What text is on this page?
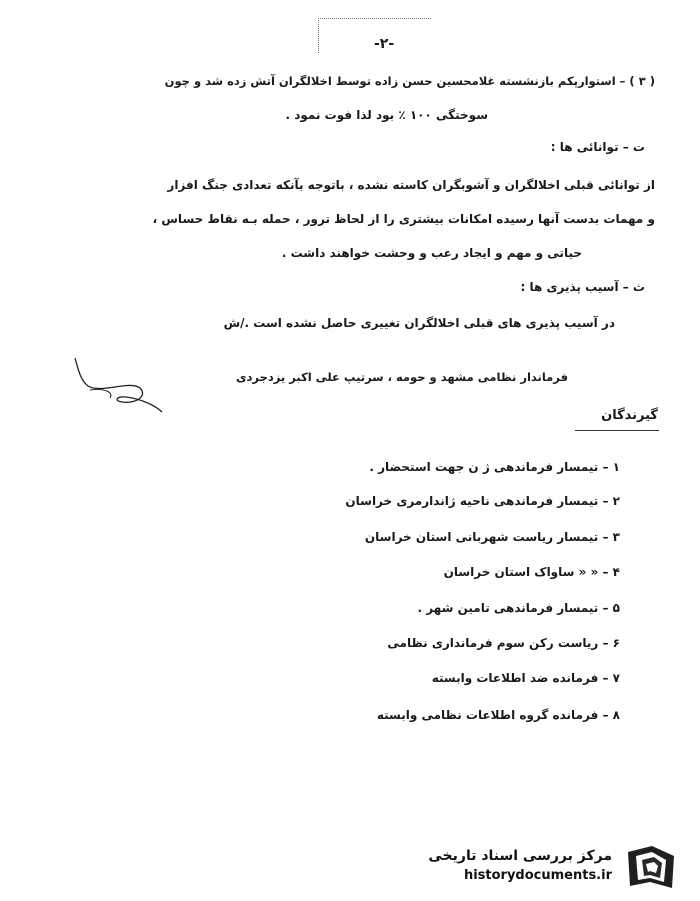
-۲-
( ۳ ) – استوارپکم بازنشسته غلامحسین حسن زاده توسط اخلالگران آتش زده شد و چون
سوختگی ۱۰۰ ٪ بود لذا فوت نمود .
ت – توانائی ها :
از توانائی قبلی اخلالگران و آشوبگران کاسته نشده ، باتوجه بآنکه تعدادی جنگ افزار
و مهمات بدست آنها رسیده امکانات بیشتری را از لحاظ ترور ، حمله بـه نقاط حساس ،
حیاتی و مهم و ایجاد رعب و وحشت خواهند داشت .
ث – آسیب پذیری ها :
در آسیب پذیری های قبلی اخلالگران تغییری حاصل نشده است ./ش
فرماندار نظامی مشهد و حومه ، سرتیپ علی اکبر یزدجردی
گیرندگان
۱ – تیمسار فرماندهی ژ ن جهت استحضار .
۲ – تیمسار فرماندهی ناحیه ژاندارمری خراسان
۳ – تیمسار ریاست شهربانی استان خراسان
۴ – « « ساواک استان خراسان
۵ – تیمسار فرماندهی تامین شهر .
۶ – ریاست رکن سوم فرمانداری نظامی
۷ – فرمانده ضد اطلاعات وابسته
۸ – فرمانده گروه اطلاعات نظامی وابسته
مرکز بررسی اسناد تاریخی
historydocuments.ir
